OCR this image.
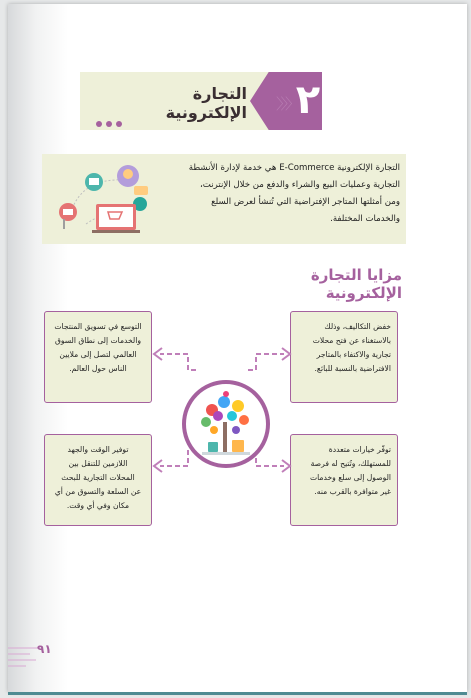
٢
〉〉〉
التجارة الإلكترونية
التجارة الإلكترونية E-Commerce هي خدمة لإدارة الأنشطة
التجارية وعمليات البيع والشراء والدفع من خلال الإنترنت،
ومن أمثلتها المتاجر الإفتراضية التي تُنشأ لعرض السلع
والخدمات المختلفة.
مزايا التجارة الإلكترونية
التوسع في تسويق المنتجات
والخدمات إلى نطاق السوق
العالمي لتصل إلى ملايين
الناس حول العالم.
خفض التكاليف، وذلك
بالاستغناء عن فتح محلات
تجارية والاكتفاء بالمتاجر
الافتراضية بالنسبة للبائع.
توفير الوقت والجهد
اللازمين للتنقل بين
المحلات التجارية للبحث
عن السلعة والتسوق من أي
مكان وفي أي وقت.
توفّر خيارات متعددة
للمستهلك، وتُتيح له فرصة
الوصول إلى سلع وخدمات
غير متوافرة بالقرب منه.
٩١
